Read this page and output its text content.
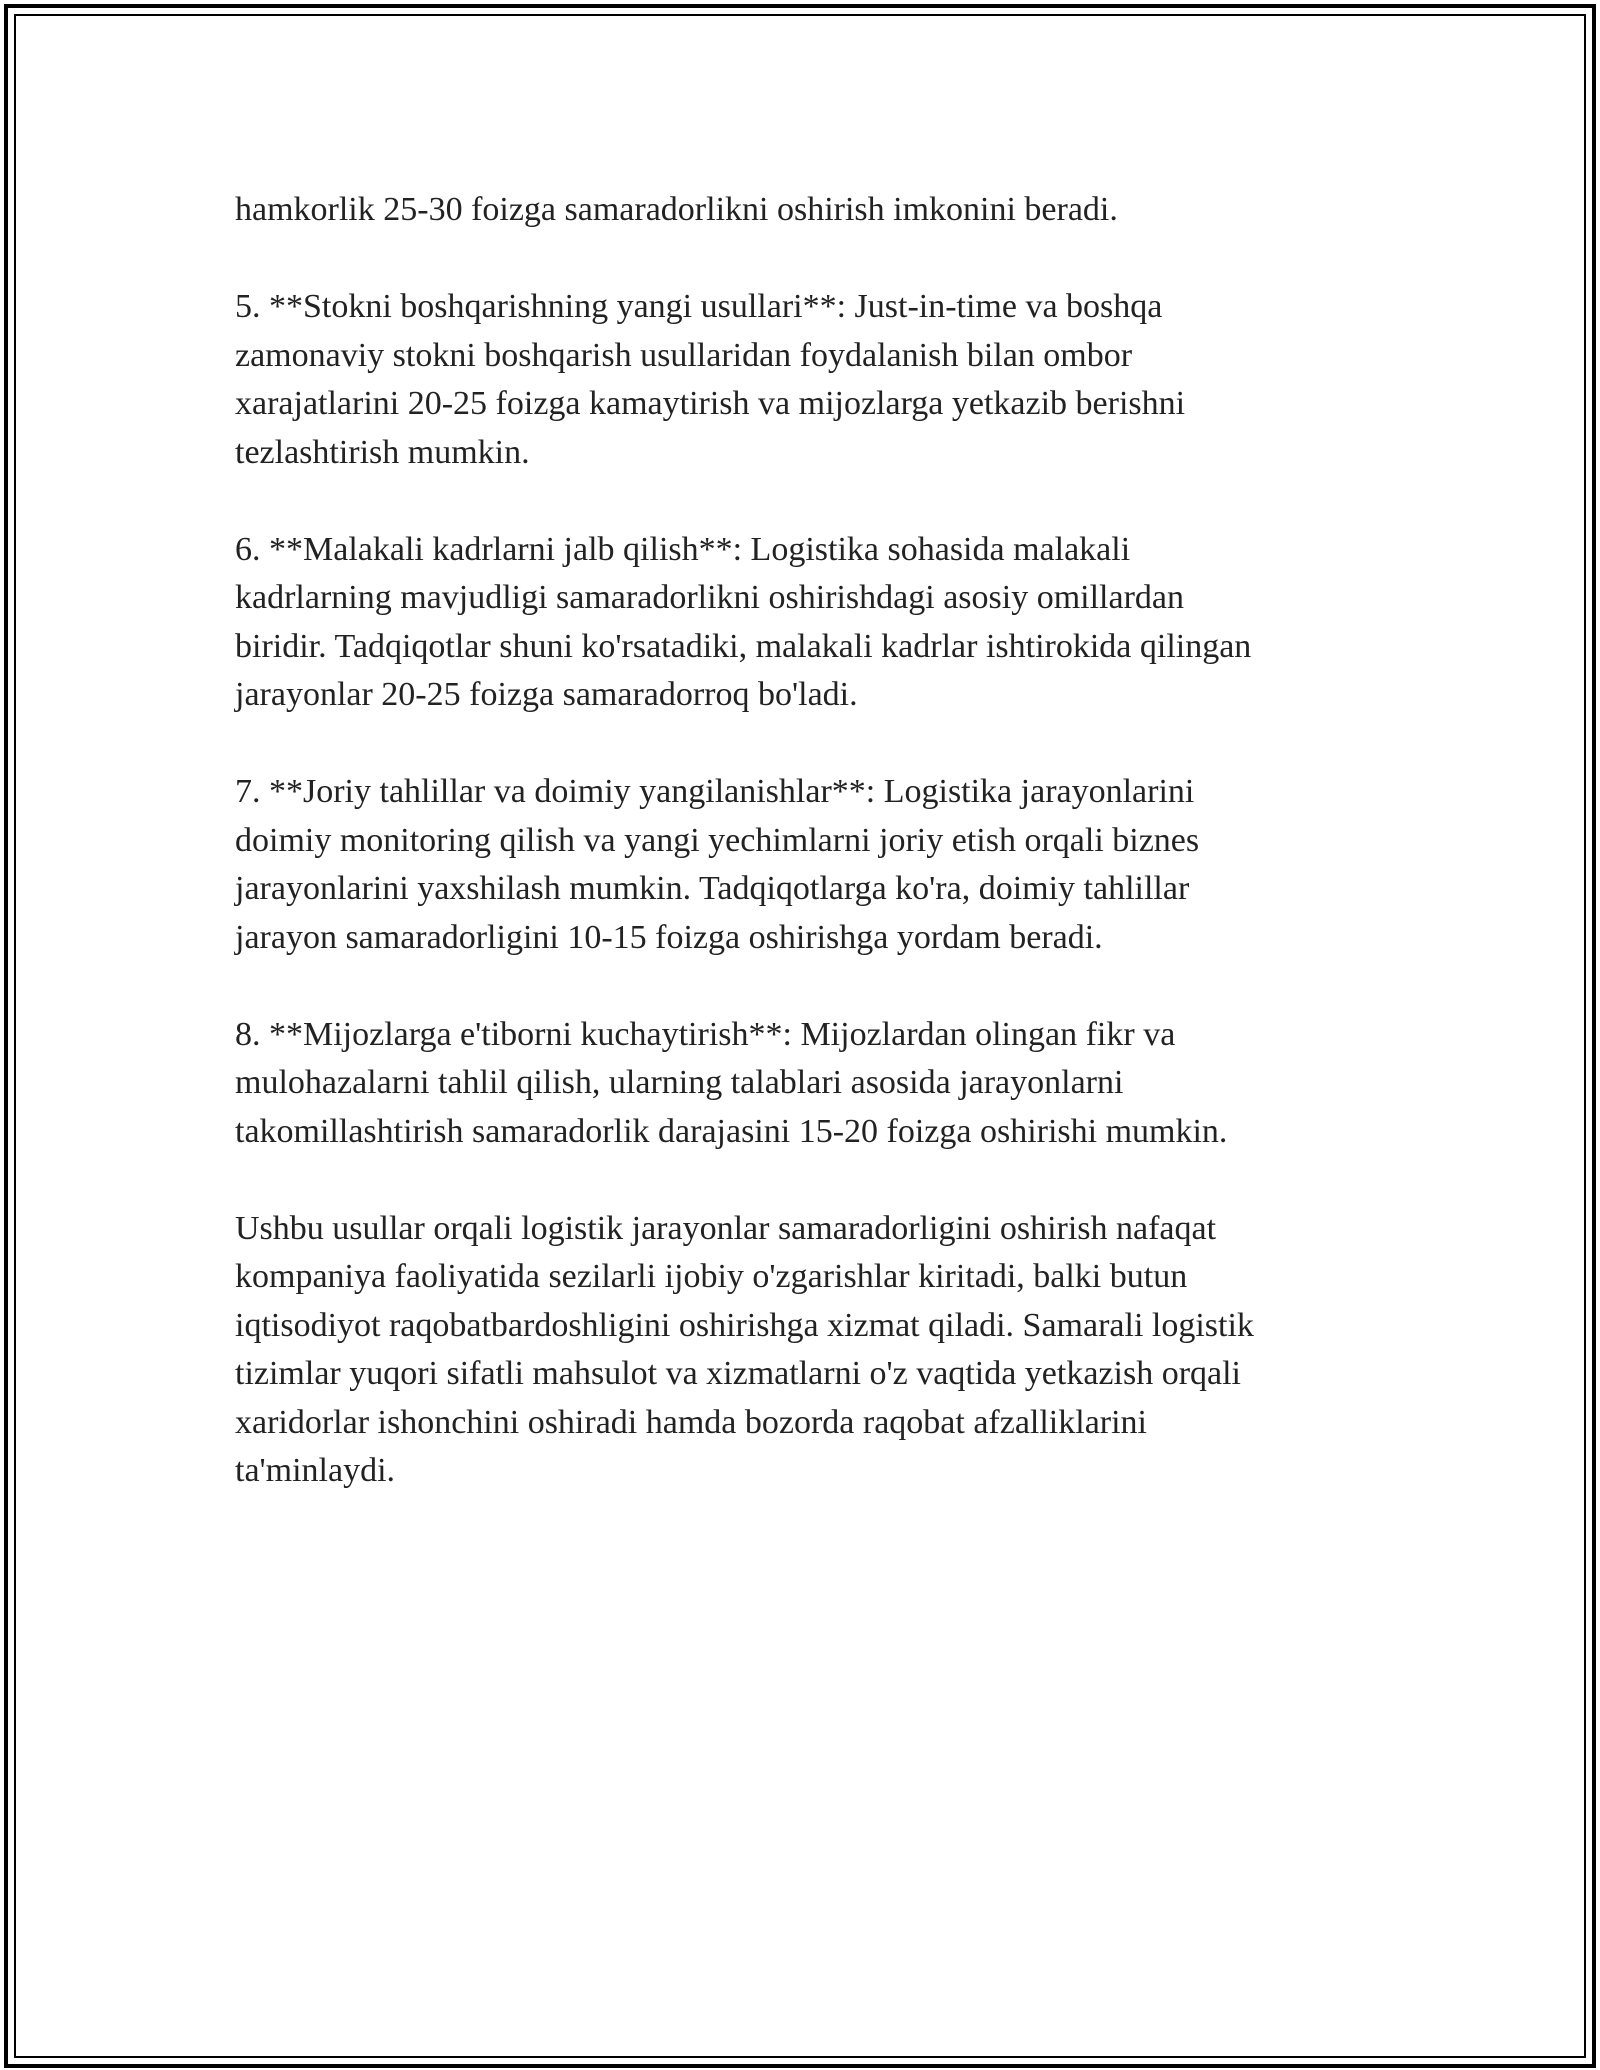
hamkorlik 25-30 foizga samaradorlikni oshirish imkonini beradi.

5. **Stokni boshqarishning yangi usullari**: Just-in-time va boshqa
zamonaviy stokni boshqarish usullaridan foydalanish bilan ombor
xarajatlarini 20-25 foizga kamaytirish va mijozlarga yetkazib berishni
tezlashtirish mumkin.

6. **Malakali kadrlarni jalb qilish**: Logistika sohasida malakali
kadrlarning mavjudligi samaradorlikni oshirishdagi asosiy omillardan
biridir. Tadqiqotlar shuni ko'rsatadiki, malakali kadrlar ishtirokida qilingan
jarayonlar 20-25 foizga samaradorroq bo'ladi.

7. **Joriy tahlillar va doimiy yangilanishlar**: Logistika jarayonlarini
doimiy monitoring qilish va yangi yechimlarni joriy etish orqali biznes
jarayonlarini yaxshilash mumkin. Tadqiqotlarga ko'ra, doimiy tahlillar
jarayon samaradorligini 10-15 foizga oshirishga yordam beradi.

8. **Mijozlarga e'tiborni kuchaytirish**: Mijozlardan olingan fikr va
mulohazalarni tahlil qilish, ularning talablari asosida jarayonlarni
takomillashtirish samaradorlik darajasini 15-20 foizga oshirishi mumkin.

Ushbu usullar orqali logistik jarayonlar samaradorligini oshirish nafaqat
kompaniya faoliyatida sezilarli ijobiy o'zgarishlar kiritadi, balki butun
iqtisodiyot raqobatbardoshligini oshirishga xizmat qiladi. Samarali logistik
tizimlar yuqori sifatli mahsulot va xizmatlarni o'z vaqtida yetkazish orqali
xaridorlar ishonchini oshiradi hamda bozorda raqobat afzalliklarini
ta'minlaydi.
